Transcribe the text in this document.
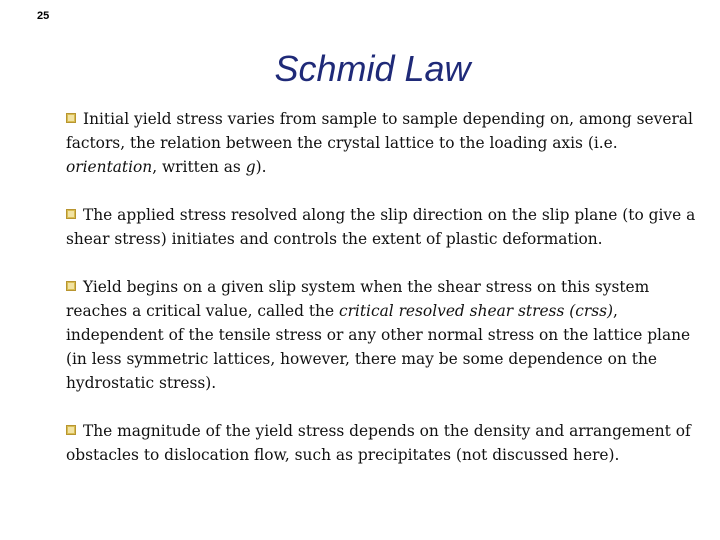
25
Schmid Law

Initial yield stress varies from sample to sample depending on, among several factors, the relation between the crystal lattice to the loading axis (i.e. orientation, written as g).

The applied stress resolved along the slip direction on the slip plane (to give a shear stress) initiates and controls the extent of plastic deformation.

Yield begins on a given slip system when the shear stress on this system reaches a critical value, called the critical resolved shear stress (crss), independent of the tensile stress or any other normal stress on the lattice plane (in less symmetric lattices, however, there may be some dependence on the hydrostatic stress).

The magnitude of the yield stress depends on the density and arrangement of obstacles to dislocation flow, such as precipitates (not discussed here).
